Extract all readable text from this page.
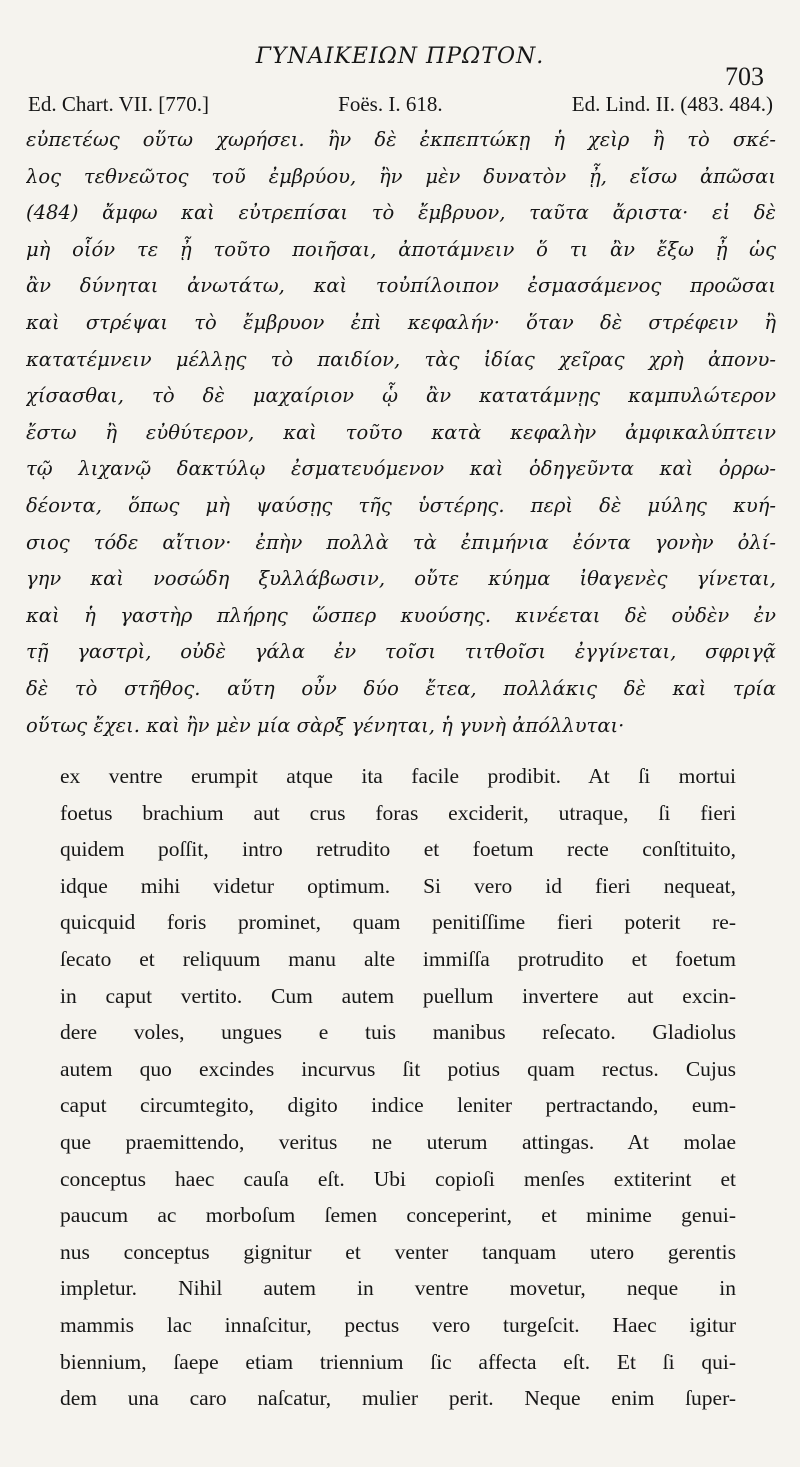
ΓΥΝΑΙΚΕΙΩΝ ΠΡΩΤΟΝ.
703
Ed. Chart. VII. [770.]	Foës. I. 618.	Ed. Lind. II. (483. 484.)
εὐπετέως οὕτω χωρήσει. ἢν δὲ ἐκπεπτώκῃ ἡ χεὶρ ἢ τὸ σκέ-
λος τεθνεῶτος τοῦ ἐμβρύου, ἢν μὲν δυνατὸν ᾖ, εἴσω ἀπῶσαι
(484) ἄμφω καὶ εὐτρεπίσαι τὸ ἔμβρυον, ταῦτα ἄριστα· εἰ δὲ
μὴ οἷόν τε ᾖ τοῦτο ποιῆσαι, ἀποτάμνειν ὅ τι ἂν ἔξω ᾖ ὡς
ἂν δύνηται ἀνωτάτω, καὶ τοὐπίλοιπον ἐσμασάμενος προῶσαι
καὶ στρέψαι τὸ ἔμβρυον ἐπὶ κεφαλήν· ὅταν δὲ στρέφειν ἢ
κατατέμνειν μέλλῃς τὸ παιδίον, τὰς ἰδίας χεῖρας χρὴ ἀπονυ-
χίσασθαι, τὸ δὲ μαχαίριον ᾧ ἂν κατατάμνῃς καμπυλώτερον
ἔστω ἢ εὐθύτερον, καὶ τοῦτο κατὰ κεφαλὴν ἀμφικαλύπτειν
τῷ λιχανῷ δακτύλῳ ἐσματευόμενον καὶ ὁδηγεῦντα καὶ ὀρρω-
δέοντα, ὅπως μὴ ψαύσῃς τῆς ὑστέρης. περὶ δὲ μύλης κυή-
σιος τόδε αἴτιον· ἐπὴν πολλὰ τὰ ἐπιμήνια ἐόντα γονὴν ὀλί-
γην καὶ νοσώδη ξυλλάβωσιν, οὔτε κύημα ἰθαγενὲς γίνεται,
καὶ ἡ γαστὴρ πλήρης ὥσπερ κυούσης. κινέεται δὲ οὐδὲν ἐν
τῇ γαστρὶ, οὐδὲ γάλα ἐν τοῖσι τιτθοῖσι ἐγγίνεται, σφριγᾷ
δὲ τὸ στῆθος. αὕτη οὖν δύο ἔτεα, πολλάκις δὲ καὶ τρία
οὕτως ἔχει. καὶ ἢν μὲν μία σὰρξ γένηται, ἡ γυνὴ ἀπόλλυται·
ex ventre erumpit atque ita facile prodibit. At ſi mortui
foetus brachium aut crus foras exciderit, utraque, ſi fieri
quidem poſſit, intro retrudito et foetum recte conſtituito,
idque mihi videtur optimum. Si vero id fieri nequeat,
quicquid foris prominet, quam penitiſſime fieri poterit re-
ſecato et reliquum manu alte immiſſa protrudito et foetum
in caput vertito. Cum autem puellum invertere aut excin-
dere voles, ungues e tuis manibus reſecato. Gladiolus
autem quo excindes incurvus ſit potius quam rectus. Cujus
caput circumtegito, digito indice leniter pertractando, eum-
que praemittendo, veritus ne uterum attingas. At molae
conceptus haec cauſa eſt. Ubi copioſi menſes extiterint et
paucum ac morboſum ſemen conceperint, et minime genui-
nus conceptus gignitur et venter tanquam utero gerentis
impletur. Nihil autem in ventre movetur, neque in
mammis lac innaſcitur, pectus vero turgeſcit. Haec igitur
biennium, ſaepe etiam triennium ſic affecta eſt. Et ſi qui-
dem una caro naſcatur, mulier perit. Neque enim ſuper-
